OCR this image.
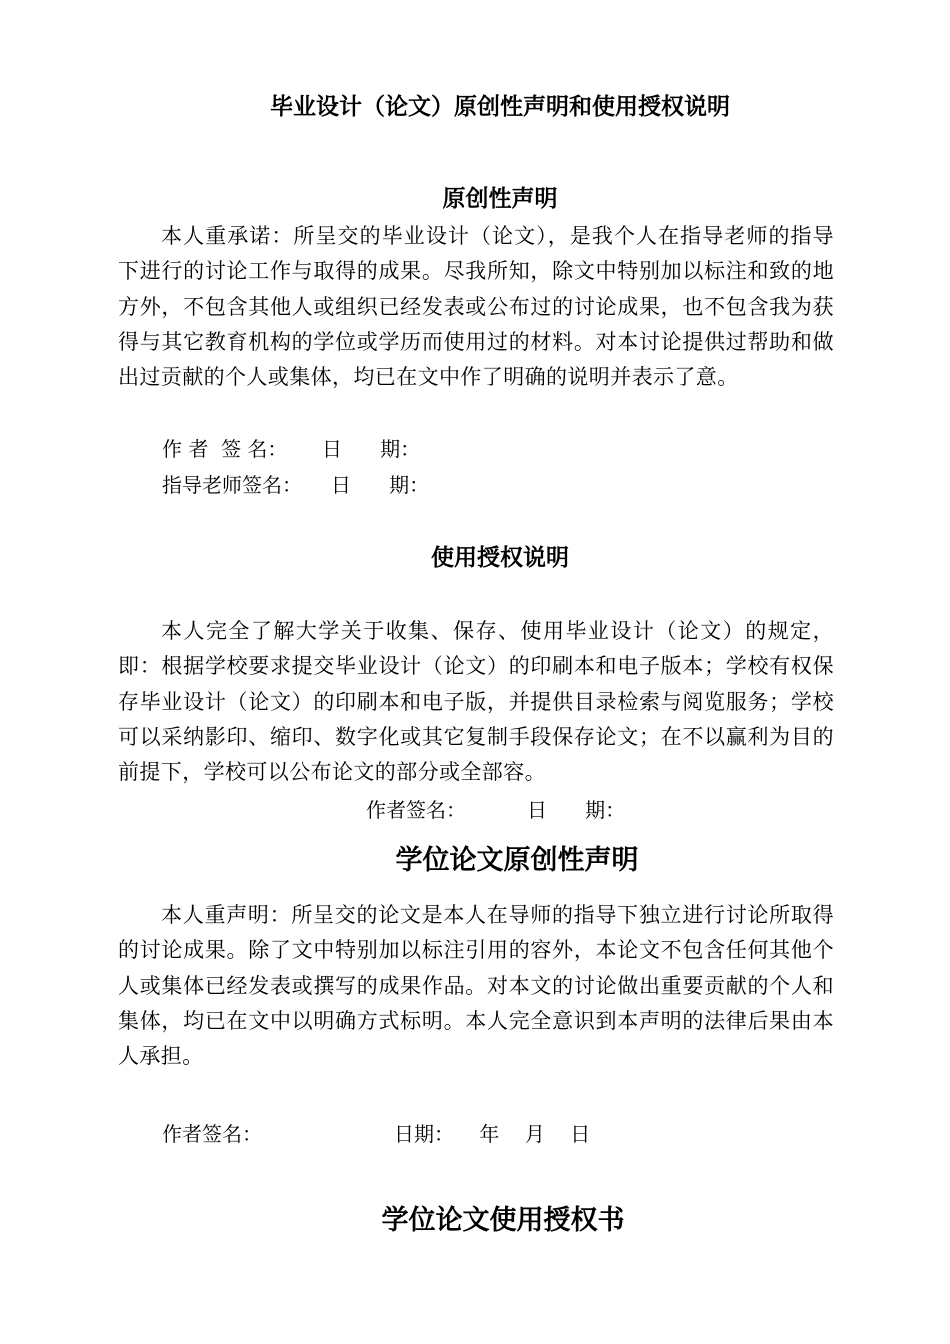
毕业设计（论文）原创性声明和使用授权说明
原创性声明

本人重承诺：所呈交的毕业设计（论文），是我个人在指导老师的指导下进行的讨论工作与取得的成果。尽我所知，除文中特别加以标注和致的地方外，不包含其他人或组织已经发表或公布过的讨论成果，也不包含我为获得与其它教育机构的学位或学历而使用过的材料。对本讨论提供过帮助和做出过贡献的个人或集体，均已在文中作了明确的说明并表示了意。

作 者  签 名： 日      期：
指导老师签名： 日      期：
使用授权说明

本人完全了解大学关于收集、保存、使用毕业设计（论文）的规定，即：根据学校要求提交毕业设计（论文）的印刷本和电子版本；学校有权保存毕业设计（论文）的印刷本和电子版，并提供目录检索与阅览服务；学校可以采纳影印、缩印、数字化或其它复制手段保存论文；在不以赢利为目的前提下，学校可以公布论文的部分或全部容。

作者签名：	日      期：
学位论文原创性声明

本人重声明：所呈交的论文是本人在导师的指导下独立进行讨论所取得的讨论成果。除了文中特别加以标注引用的容外，本论文不包含任何其他个人或集体已经发表或撰写的成果作品。对本文的讨论做出重要贡献的个人和集体，均已在文中以明确方式标明。本人完全意识到本声明的法律后果由本人承担。

作者签名：	日期：    年    月    日
学位论文使用授权书
